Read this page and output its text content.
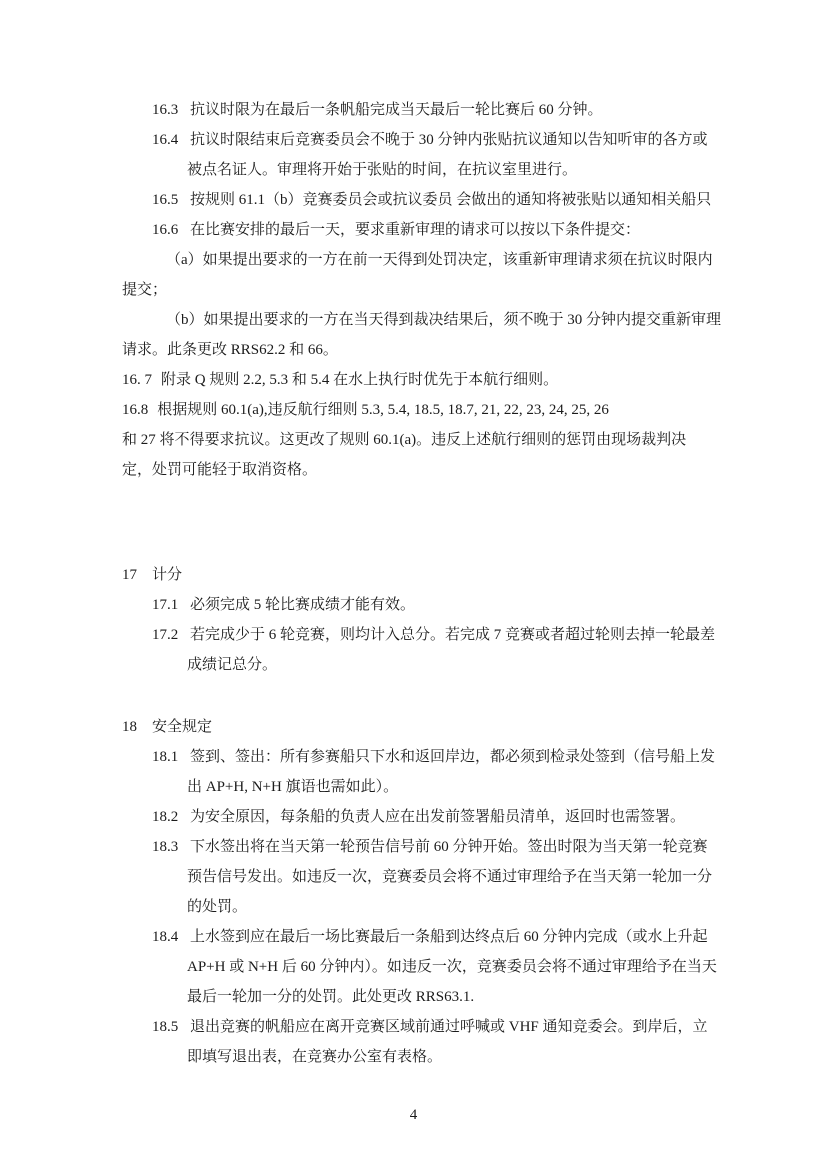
16.3 抗议时限为在最后一条帆船完成当天最后一轮比赛后 60 分钟。
16.4 抗议时限结束后竞赛委员会不晚于 30 分钟内张贴抗议通知以告知听审的各方或
被点名证人。审理将开始于张贴的时间，在抗议室里进行。
16.5 按规则 61.1（b）竞赛委员会或抗议委员 会做出的通知将被张贴以通知相关船只
16.6 在比赛安排的最后一天，要求重新审理的请求可以按以下条件提交：
（a）如果提出要求的一方在前一天得到处罚决定，该重新审理请求须在抗议时限内
提交；
（b）如果提出要求的一方在当天得到裁决结果后，须不晚于 30 分钟内提交重新审理
请求。此条更改 RRS62.2 和 66。
16. 7 附录 Q 规则 2.2, 5.3 和 5.4 在水上执行时优先于本航行细则。
16.8 根据规则 60.1(a),违反航行细则 5.3, 5.4, 18.5, 18.7, 21, 22, 23, 24, 25, 26
和 27 将不得要求抗议。这更改了规则 60.1(a)。违反上述航行细则的惩罚由现场裁判决
定，处罚可能轻于取消资格。
17 计分
17.1 必须完成 5 轮比赛成绩才能有效。
17.2 若完成少于 6 轮竞赛，则均计入总分。若完成 7 竞赛或者超过轮则去掉一轮最差
成绩记总分。
18 安全规定
18.1 签到、签出：所有参赛船只下水和返回岸边，都必须到检录处签到（信号船上发
出 AP+H, N+H 旗语也需如此）。
18.2 为安全原因，每条船的负责人应在出发前签署船员清单，返回时也需签署。
18.3 下水签出将在当天第一轮预告信号前 60 分钟开始。签出时限为当天第一轮竞赛
预告信号发出。如违反一次，竞赛委员会将不通过审理给予在当天第一轮加一分
的处罚。
18.4 上水签到应在最后一场比赛最后一条船到达终点后 60 分钟内完成（或水上升起
AP+H 或 N+H 后 60 分钟内）。如违反一次，竞赛委员会将不通过审理给予在当天
最后一轮加一分的处罚。此处更改 RRS63.1.
18.5 退出竞赛的帆船应在离开竞赛区域前通过呼喊或 VHF 通知竞委会。到岸后，立
即填写退出表，在竞赛办公室有表格。
4
